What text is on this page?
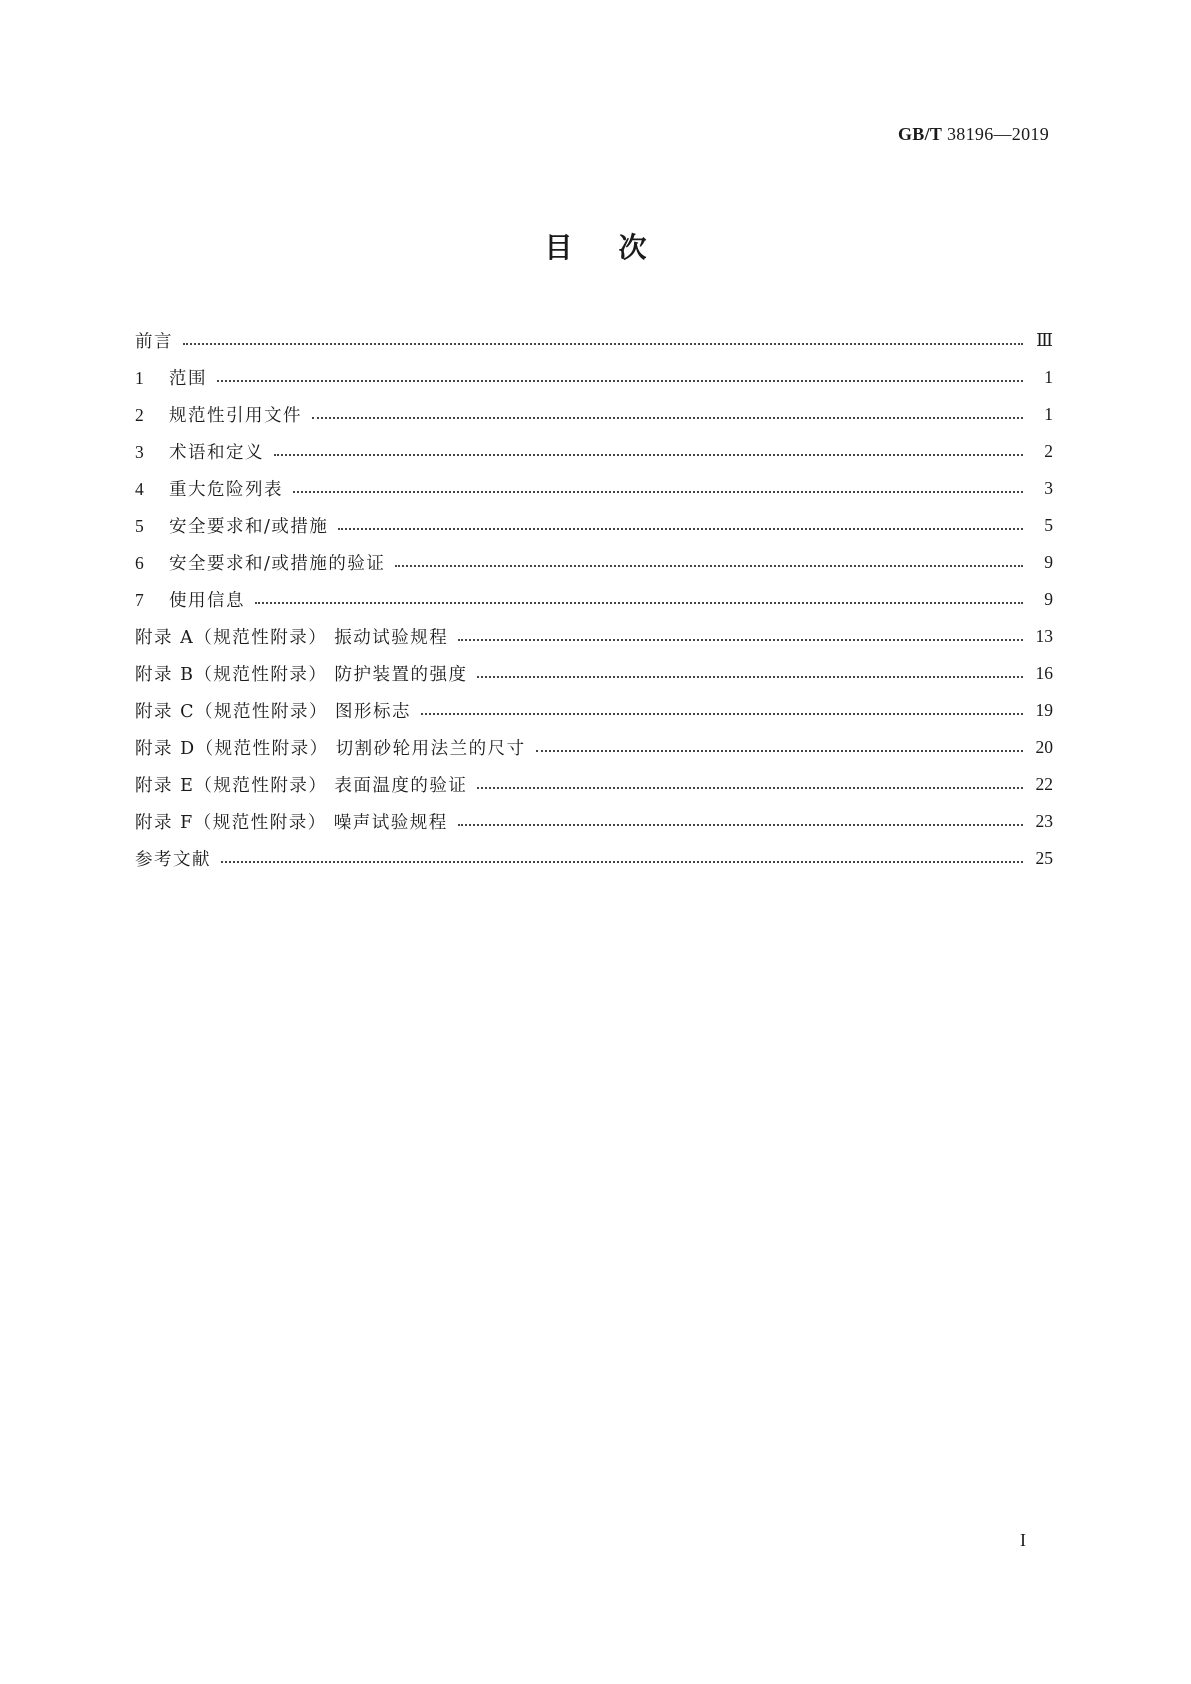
GB/T 38196—2019
目次
前言	Ⅲ
1 范围	1
2 规范性引用文件	1
3 术语和定义	2
4 重大危险列表	3
5 安全要求和/或措施	5
6 安全要求和/或措施的验证	9
7 使用信息	9
附录 A（规范性附录） 振动试验规程	13
附录 B（规范性附录） 防护装置的强度	16
附录 C（规范性附录） 图形标志	19
附录 D（规范性附录） 切割砂轮用法兰的尺寸	20
附录 E（规范性附录） 表面温度的验证	22
附录 F（规范性附录） 噪声试验规程	23
参考文献	25
I
